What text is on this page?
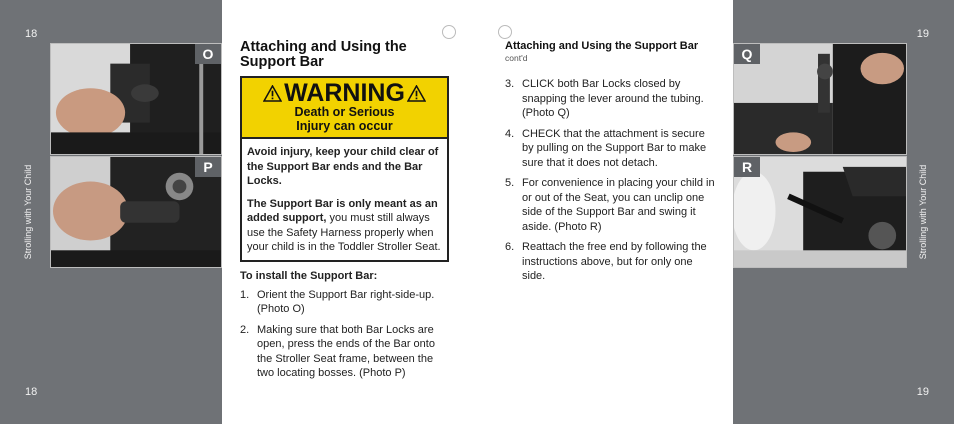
18
18
Strolling with Your Child
O
P
19
19
Strolling with Your Child
Q
R
Attaching and Using the Support Bar
WARNING
Death or Serious Injury can occur

Avoid injury, keep your child clear of the Support Bar ends and the Bar Locks.

The Support Bar is only meant as an added support, you must still always use the Safety Harness properly when your child is in the Toddler Stroller Seat.

To install the Support Bar:
1. Orient the Support Bar right-side-up. (Photo O)
2. Making sure that both Bar Locks are open, press the ends of the Bar onto the Stroller Seat frame, between the two locating bosses. (Photo P)
Attaching and Using the Support Bar
cont'd
3. CLICK both Bar Locks closed by snapping the lever around the tubing. (Photo Q)
4. CHECK that the attachment is secure by pulling on the Support Bar to make sure that it does not detach.
5. For convenience in placing your child in or out of the Seat, you can unclip one side of the Support Bar and swing it aside. (Photo R)
6. Reattach the free end by following the instructions above, but for only one side.
